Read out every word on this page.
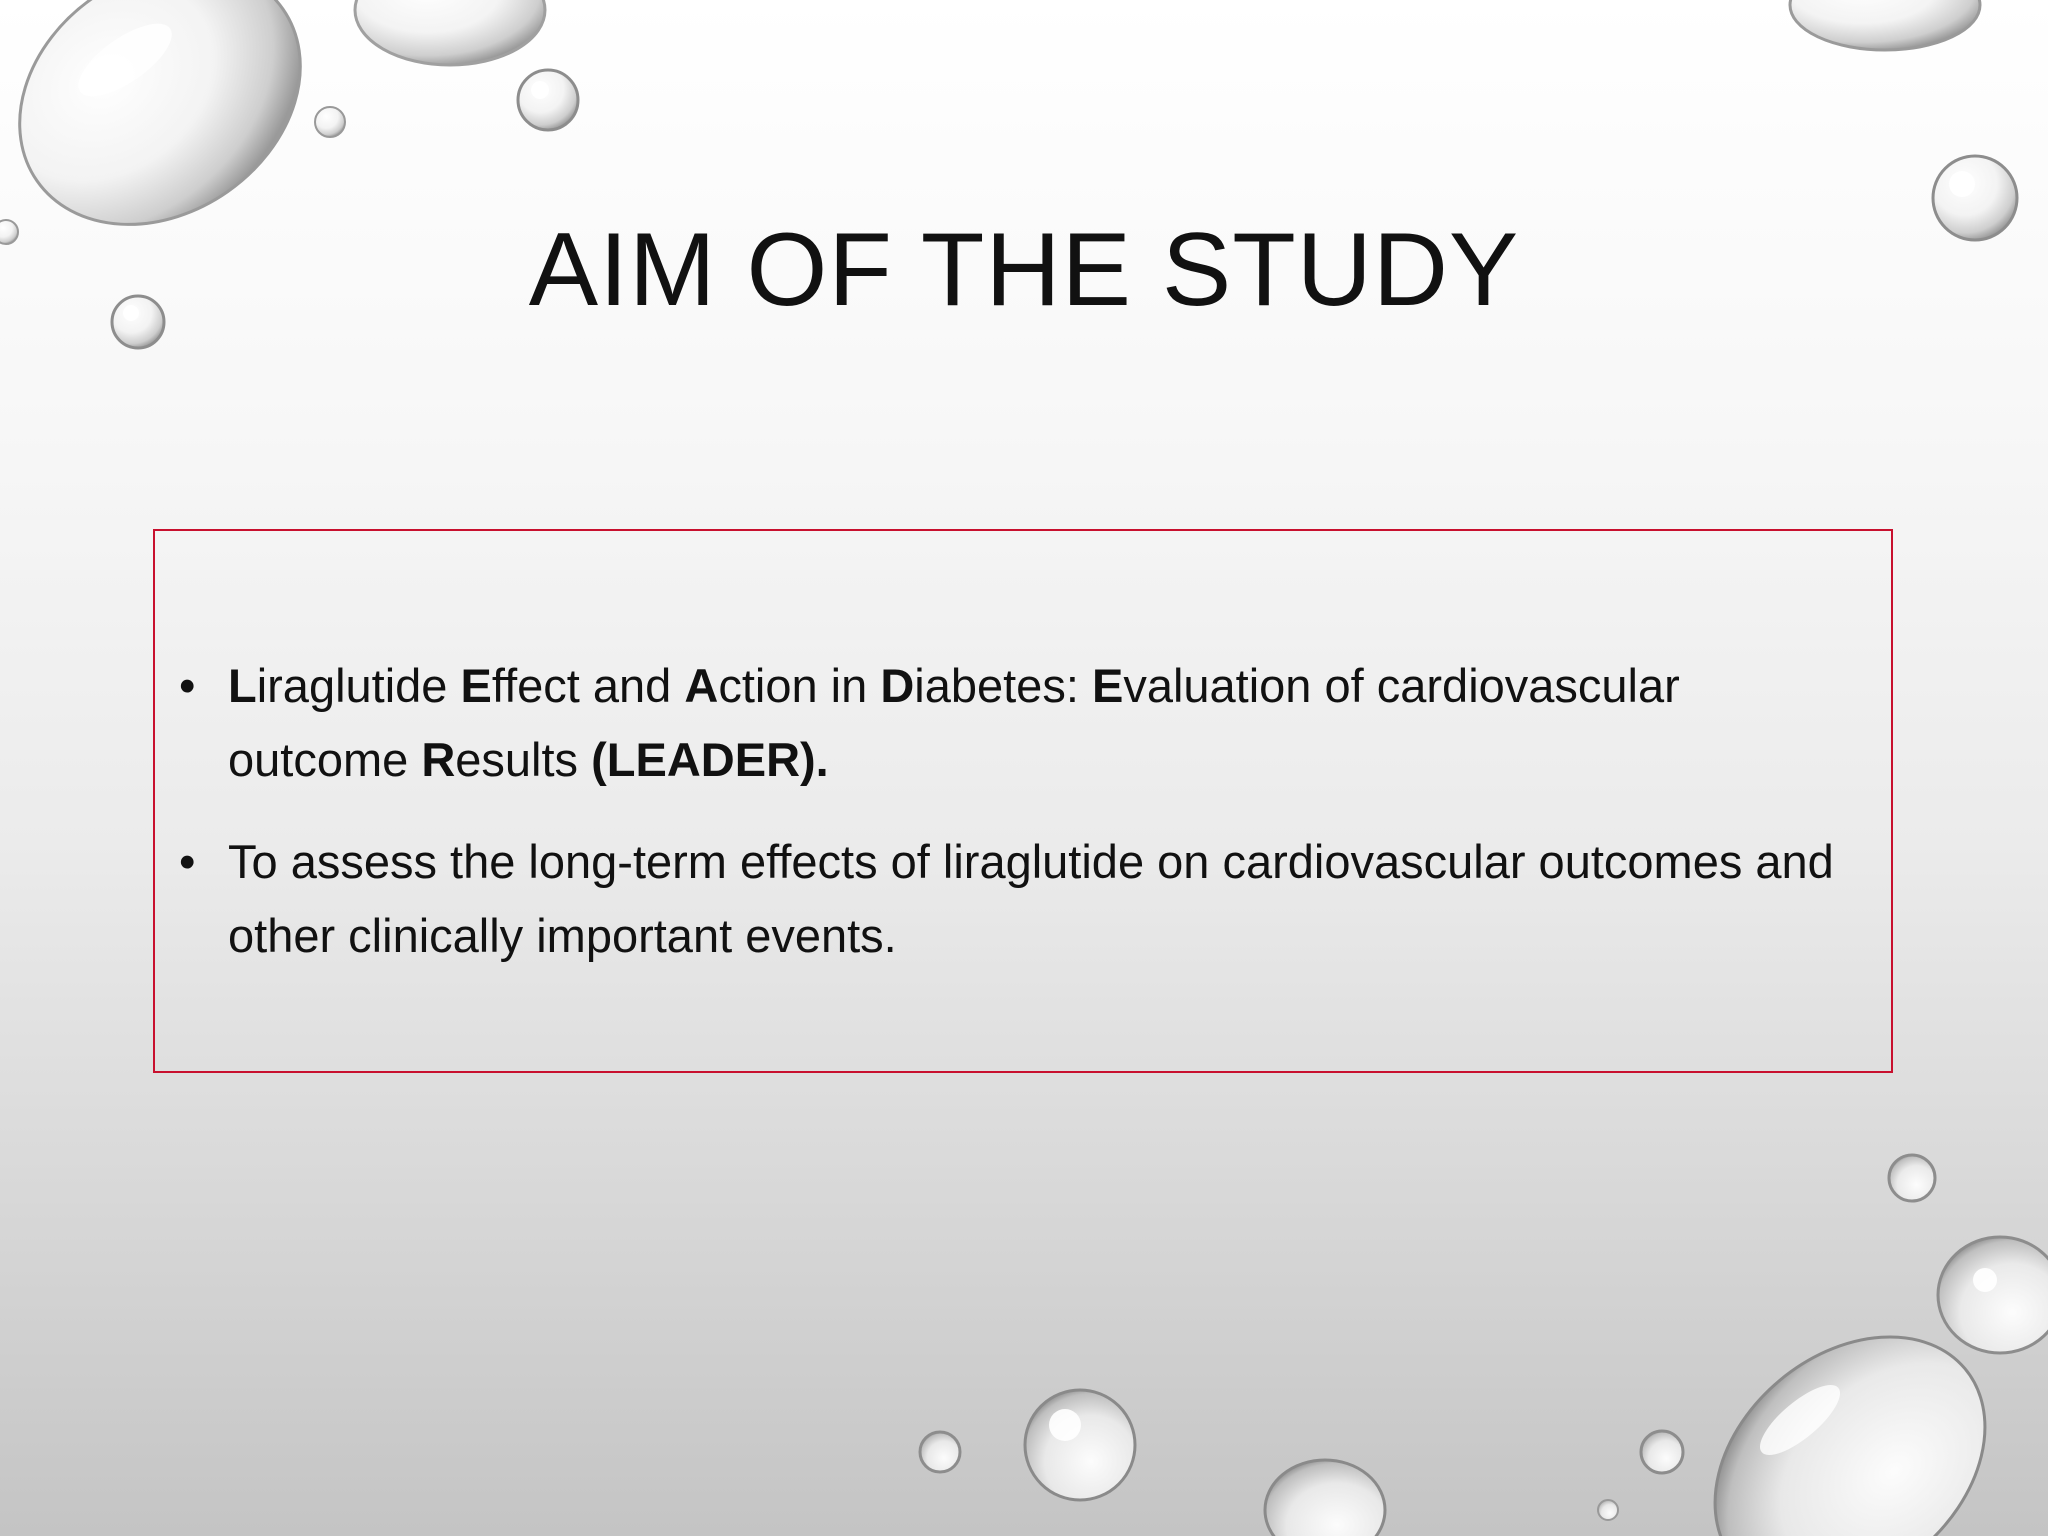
AIM OF THE STUDY
• Liraglutide Effect and Action in Diabetes: Evaluation of cardiovascular outcome Results (LEADER).
• To assess the long-term effects of liraglutide on cardiovascular outcomes and other clinically important events.
